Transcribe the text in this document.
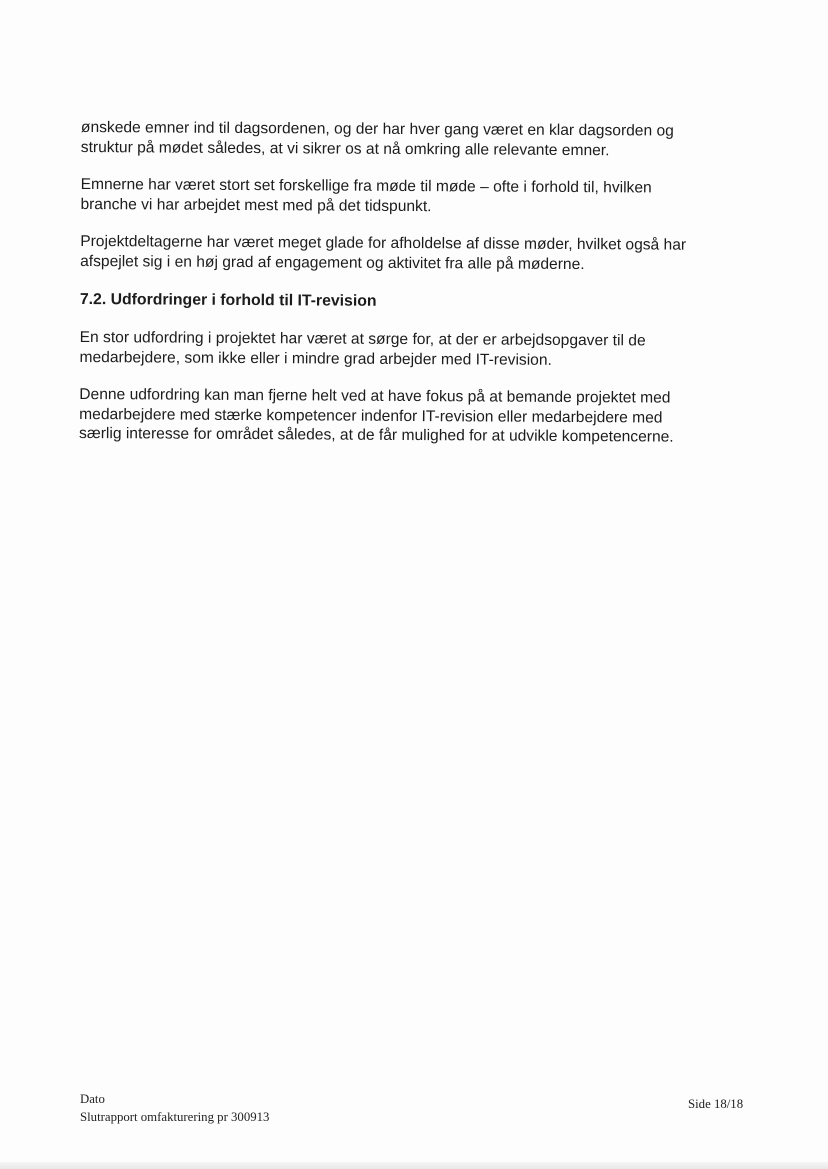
ønskede emner ind til dagsordenen, og der har hver gang været en klar dagsorden og
struktur på mødet således, at vi sikrer os at nå omkring alle relevante emner.
Emnerne har været stort set forskellige fra møde til møde – ofte i forhold til, hvilken
branche vi har arbejdet mest med på det tidspunkt.
Projektdeltagerne har været meget glade for afholdelse af disse møder, hvilket også har
afspejlet sig i en høj grad af engagement og aktivitet fra alle på møderne.
7.2. Udfordringer i forhold til IT-revision
En stor udfordring i projektet har været at sørge for, at der er arbejdsopgaver til de
medarbejdere, som ikke eller i mindre grad arbejder med IT-revision.
Denne udfordring kan man fjerne helt ved at have fokus på at bemande projektet med
medarbejdere med stærke kompetencer indenfor IT-revision eller medarbejdere med
særlig interesse for området således, at de får mulighed for at udvikle kompetencerne.
Dato
Slutrapport omfakturering pr 300913
Side 18/18
